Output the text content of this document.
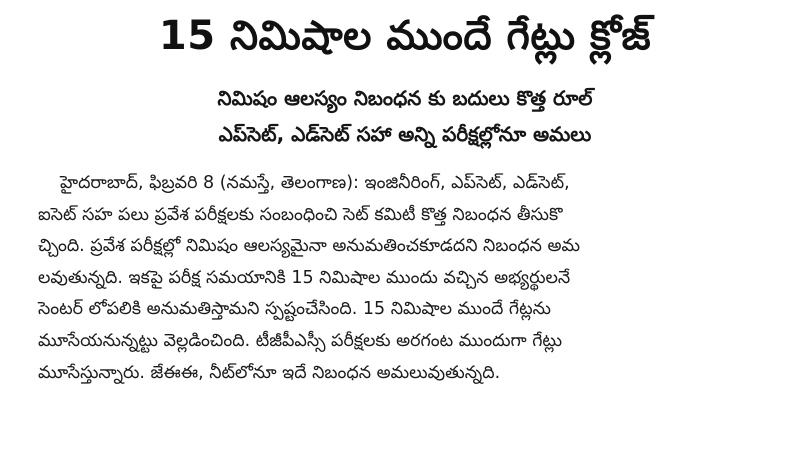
15 నిమిషాల ముందే గేట్లు క్లోజ్
నిమిషం ఆలస్యం నిబంధన కు బదులు కొత్త రూల్
ఎప్‌సెట్, ఎడ్‌సెట్ సహా అన్ని పరీక్షల్లోనూ అమలు
హైదరాబాద్, ఫిబ్రవరి 8 (నమస్తే, తెలంగాణ): ఇంజినీరింగ్, ఎప్‌సెట్, ఎడ్‌సెట్,
ఐసెట్ సహ పలు ప్రవేశ పరీక్షలకు సంబంధించి సెట్ కమిటీ కొత్త నిబంధన తీసుకొ
చ్చింది. ప్రవేశ పరీక్షల్లో నిమిషం ఆలస్యమైనా అనుమతించకూడదని నిబంధన అమ
లవుతున్నది. ఇకపై పరీక్ష సమయానికి 15 నిమిషాల ముందు వచ్చిన అభ్యర్థులనే
సెంటర్ లోపలికి అనుమతిస్తామని స్పష్టంచేసింది. 15 నిమిషాల ముందే గేట్లను
మూసేయనున్నట్టు వెల్లడించింది. టీజీపీఎస్సీ పరీక్షలకు అరగంట ముందుగా గేట్లు
మూసేస్తున్నారు. జేఈఈ, నీట్‌లోనూ ఇదే నిబంధన అమలువుతున్నది.
